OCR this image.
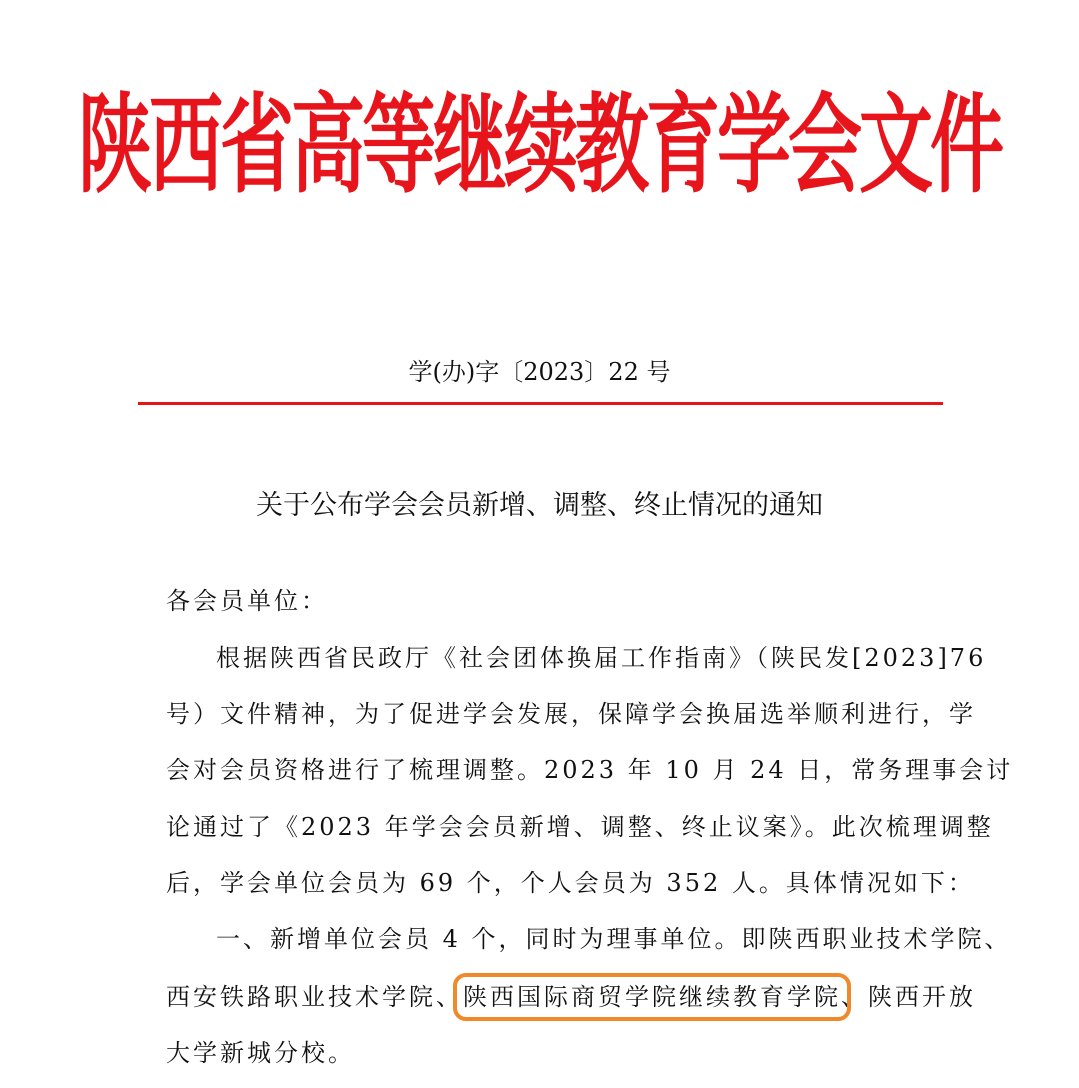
陕西省高等继续教育学会文件
学(办)字〔2023〕22 号
关于公布学会会员新增、调整、终止情况的通知
各会员单位：
根据陕西省民政厅《社会团体换届工作指南》（陕民发[2023]76
号）文件精神，为了促进学会发展，保障学会换届选举顺利进行，学
会对会员资格进行了梳理调整。2023 年 10 月 24 日，常务理事会讨
论通过了《2023 年学会会员新增、调整、终止议案》。此次梳理调整
后，学会单位会员为 69 个，个人会员为 352 人。具体情况如下：
一、新增单位会员 4 个，同时为理事单位。即陕西职业技术学院、
西安铁路职业技术学院、陕西国际商贸学院继续教育学院、陕西开放
大学新城分校。
